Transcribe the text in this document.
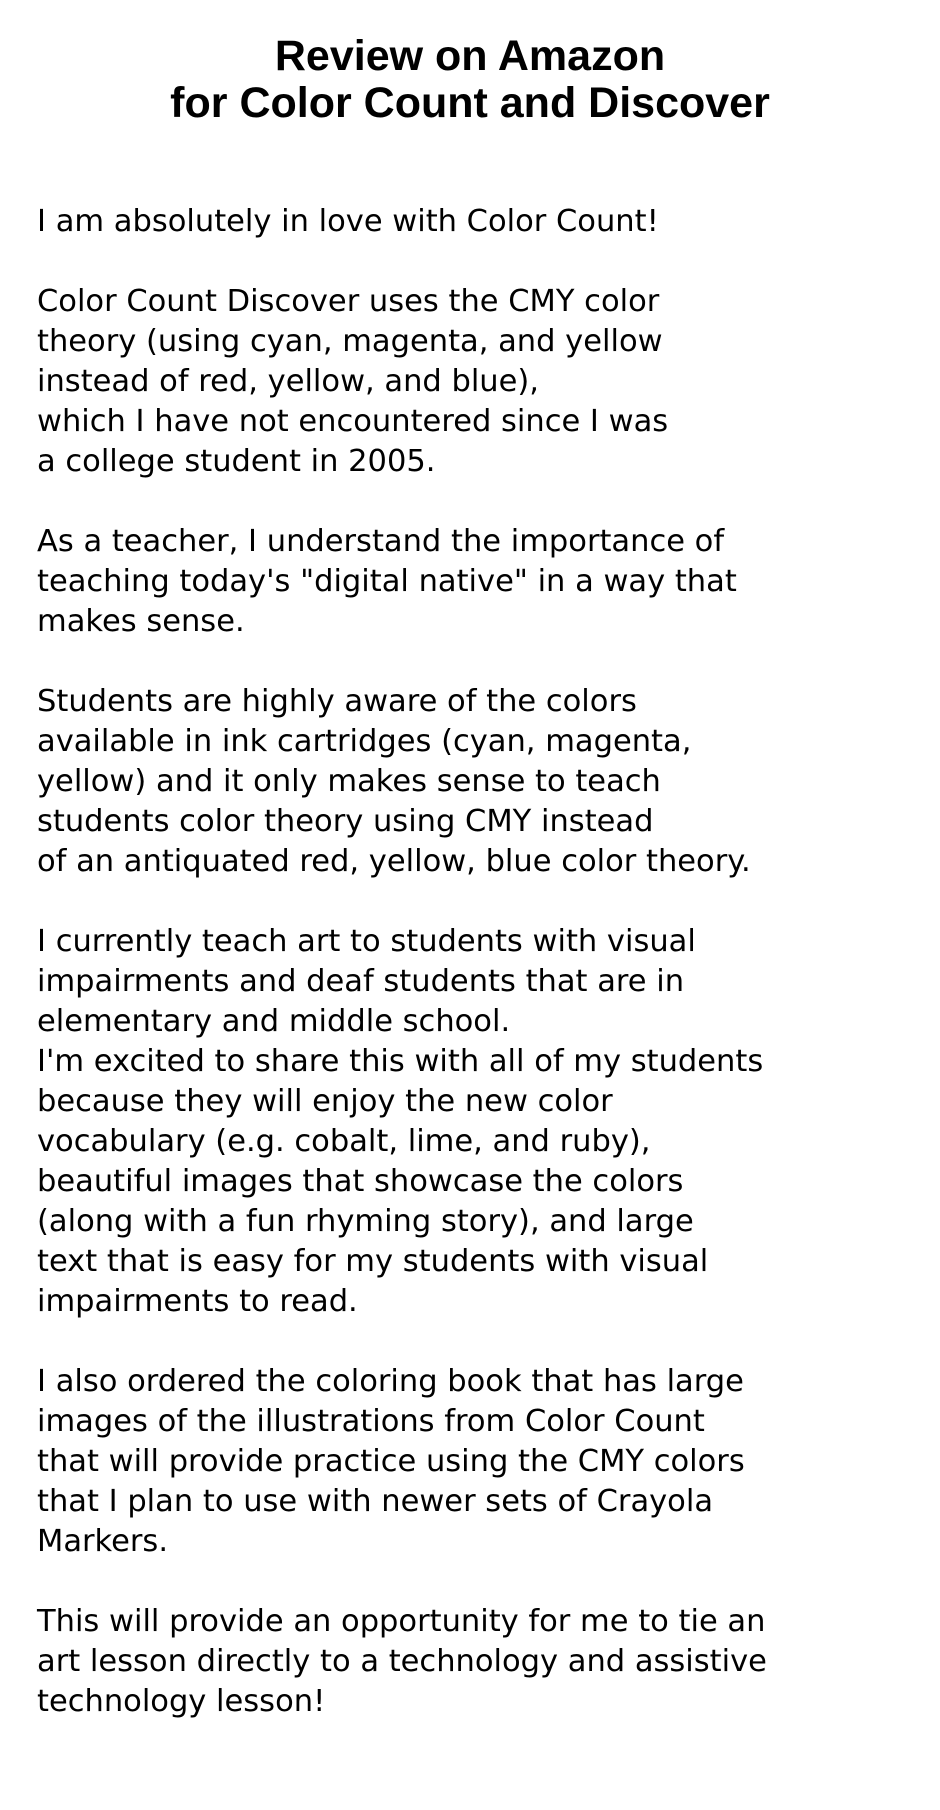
Review on Amazon
for Color Count and Discover
I am absolutely in love with Color Count!
Color Count Discover uses the CMY color
theory (using cyan, magenta, and yellow
instead of red, yellow, and blue),
which I have not encountered since I was
a college student in 2005.
As a teacher, I understand the importance of
teaching today's "digital native" in a way that
makes sense.
Students are highly aware of the colors
available in ink cartridges (cyan, magenta,
yellow) and it only makes sense to teach
students color theory using CMY instead
of an antiquated red, yellow, blue color theory.
I currently teach art to students with visual
impairments and deaf students that are in
elementary and middle school.
I'm excited to share this with all of my students
because they will enjoy the new color
vocabulary (e.g. cobalt, lime, and ruby),
beautiful images that showcase the colors
(along with a fun rhyming story), and large
text that is easy for my students with visual
impairments to read.
I also ordered the coloring book that has large
images of the illustrations from Color Count
that will provide practice using the CMY colors
that I plan to use with newer sets of Crayola
Markers.
This will provide an opportunity for me to tie an
art lesson directly to a technology and assistive
technology lesson!
